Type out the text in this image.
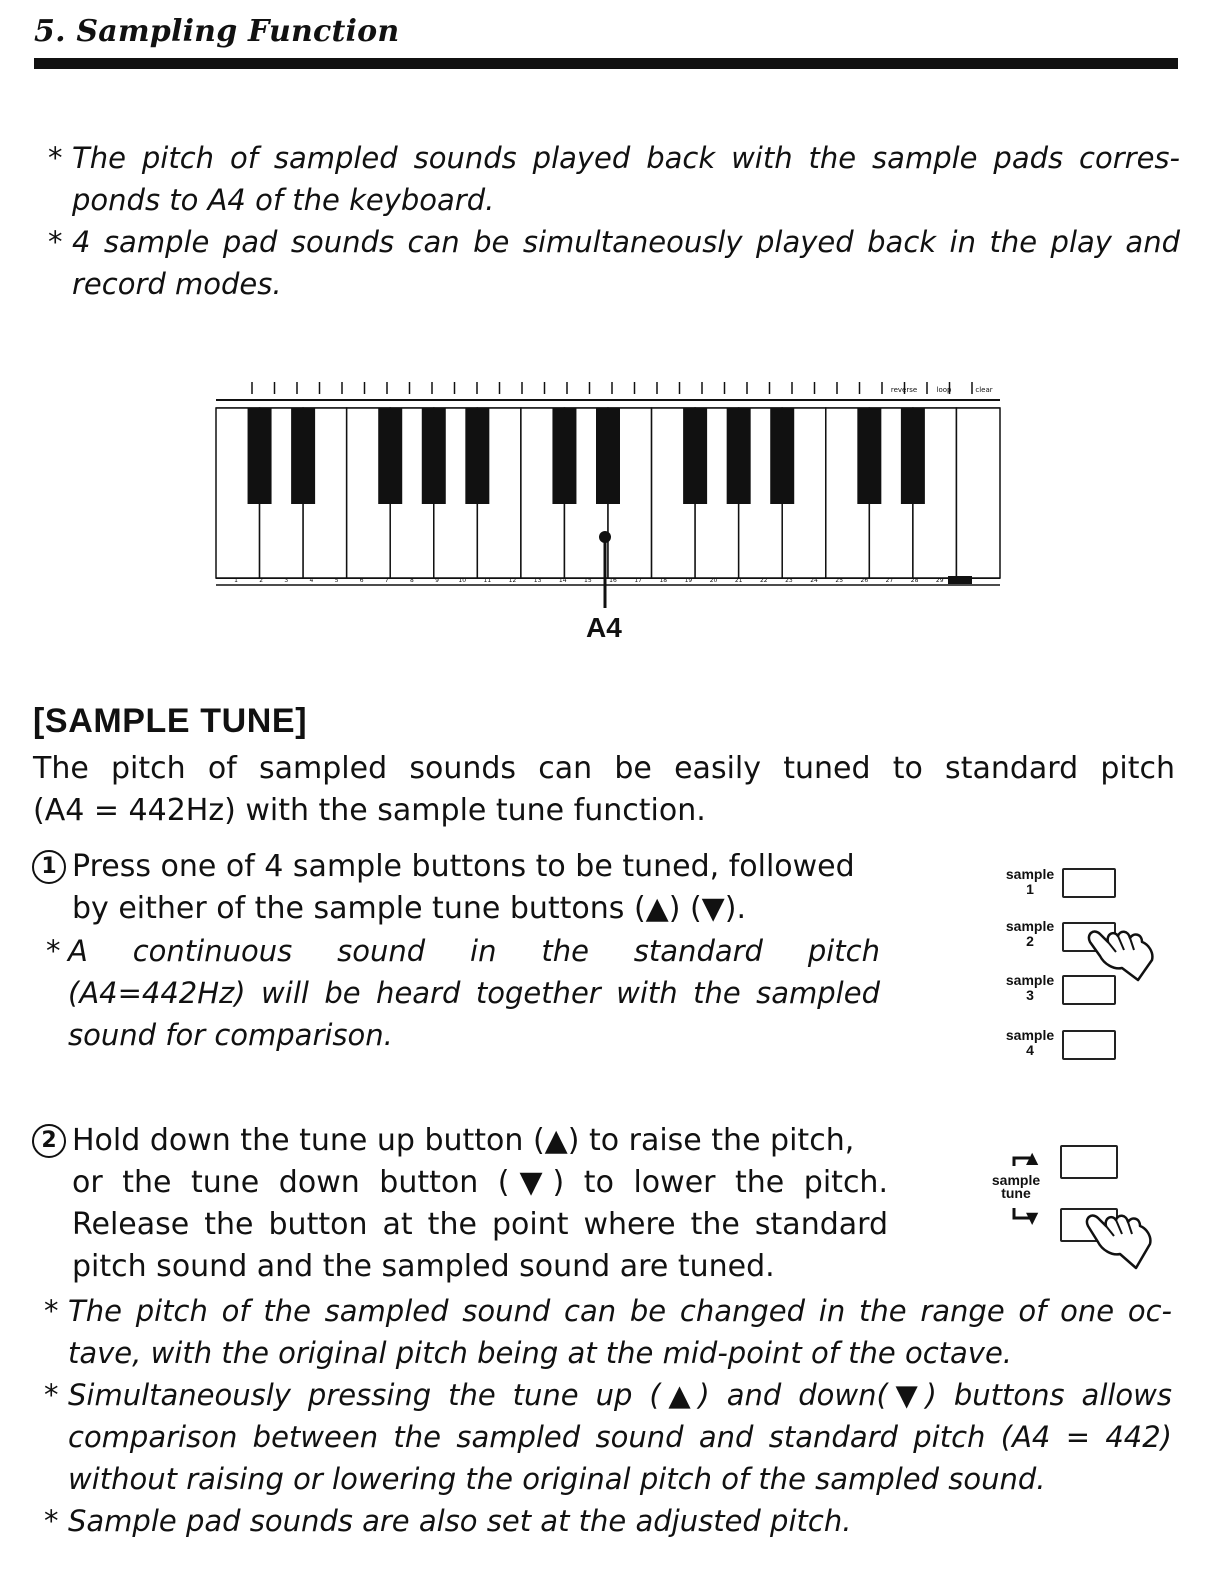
5. Sampling Function
* The pitch of sampled sounds played back with the sample pads corres-
ponds to A4 of the keyboard.
* 4 sample pad sounds can be simultaneously played back in the play and
record modes.
reverse	loop	clear
1	2	3	4	5	6	7	8	9	10	11	12	13	14	15	16	17	18	19	20	21	22	23	24	25	26	27	28	29
A4
[SAMPLE TUNE]
The pitch of sampled sounds can be easily tuned to standard pitch
(A4 = 442Hz) with the sample tune function.
1 Press one of 4 sample buttons to be tuned, followed
by either of the sample tune buttons (▲) (▼).
* A continuous sound in the standard pitch
(A4=442Hz) will be heard together with the sampled
sound for comparison.
sample
1
sample
2
sample
3
sample
4
2 Hold down the tune up button (▲) to raise the pitch,
or the tune down button (▼) to lower the pitch.
Release the button at the point where the standard
pitch sound and the sampled sound are tuned.
▲
▼
sample
tune
* The pitch of the sampled sound can be changed in the range of one oc-
tave, with the original pitch being at the mid-point of the octave.
* Simultaneously pressing the tune up (▲) and down(▼) buttons allows
comparison between the sampled sound and standard pitch (A4 = 442)
without raising or lowering the original pitch of the sampled sound.
* Sample pad sounds are also set at the adjusted pitch.
